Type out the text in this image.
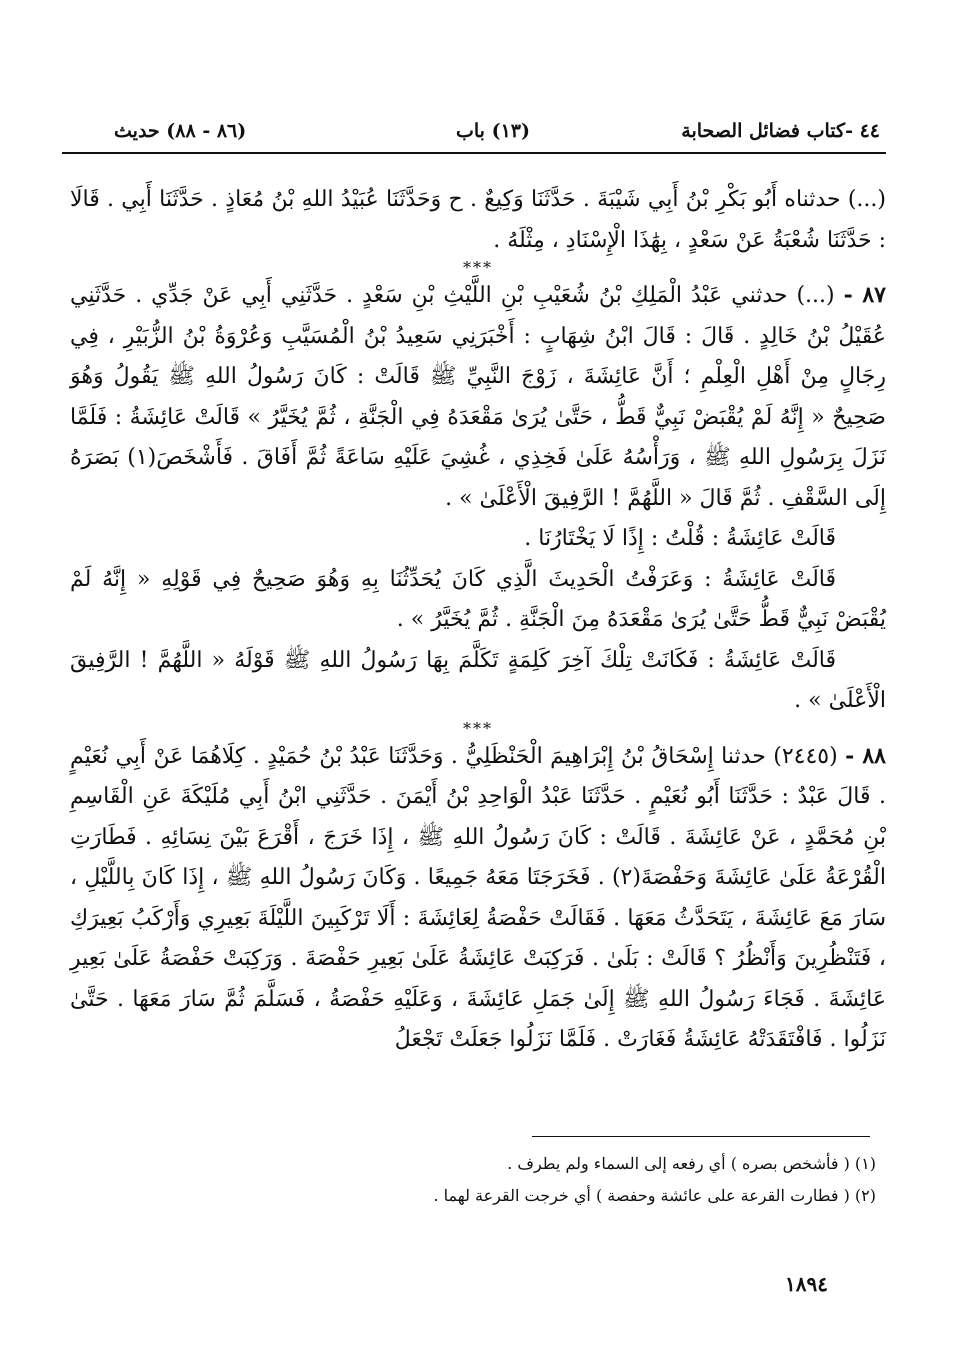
٤٤ -كتاب فضائل الصحابة
(١٣) باب
(٨٦ - ٨٨) حديث

(...) حدثناه أَبُو بَكْرِ بْنُ أَبِي شَيْبَةَ . حَدَّثَنَا وَكِيعٌ . ح وَحَدَّثَنَا عُبَيْدُ اللهِ بْنُ مُعَاذٍ . حَدَّثَنَا أَبِي . قَالَا : حَدَّثَنَا شُعْبَةُ عَنْ سَعْدٍ ، بِهَٰذَا الْإِسْنَادِ ، مِثْلَهُ .

***

٨٧ - (...) حدثني عَبْدُ الْمَلِكِ بْنُ شُعَيْبِ بْنِ اللَّيْثِ بْنِ سَعْدٍ . حَدَّثَنِي أَبِي عَنْ جَدِّي . حَدَّثَنِي عُقَيْلُ بْنُ خَالِدٍ . قَالَ : قَالَ ابْنُ شِهَابٍ : أَخْبَرَنِي سَعِيدُ بْنُ الْمُسَيَّبِ وَعُرْوَةُ بْنُ الزُّبَيْرِ ، فِي رِجَالٍ مِنْ أَهْلِ الْعِلْمِ ؛ أَنَّ عَائِشَةَ ، زَوْجَ النَّبِيِّ ﷺ قَالَتْ : كَانَ رَسُولُ اللهِ ﷺ يَقُولُ وَهُوَ صَحِيحٌ « إِنَّهُ لَمْ يُقْبَضْ نَبِيٌّ قَطُّ ، حَتَّىٰ يُرَىٰ مَقْعَدَهُ فِي الْجَنَّةِ ، ثُمَّ يُخَيَّرُ » قَالَتْ عَائِشَةُ : فَلَمَّا نَزَلَ بِرَسُولِ اللهِ ﷺ ، وَرَأْسُهُ عَلَىٰ فَخِذِي ، غُشِيَ عَلَيْهِ سَاعَةً ثُمَّ أَفَاقَ . فَأَشْخَصَ(١) بَصَرَهُ إِلَى السَّقْفِ . ثُمَّ قَالَ « اللَّهُمَّ ! الرَّفِيقَ الْأَعْلَىٰ » .

قَالَتْ عَائِشَةُ : قُلْتُ : إِذًا لَا يَخْتَارُنَا .

قَالَتْ عَائِشَةُ : وَعَرَفْتُ الْحَدِيثَ الَّذِي كَانَ يُحَدِّثُنَا بِهِ وَهُوَ صَحِيحٌ فِي قَوْلِهِ « إِنَّهُ لَمْ يُقْبَضْ نَبِيٌّ قَطُّ حَتَّىٰ يُرَىٰ مَقْعَدَهُ مِنَ الْجَنَّةِ . ثُمَّ يُخَيَّرُ » .

قَالَتْ عَائِشَةُ : فَكَانَتْ تِلْكَ آخِرَ كَلِمَةٍ تَكَلَّمَ بِهَا رَسُولُ اللهِ ﷺ قَوْلَهُ « اللَّهُمَّ ! الرَّفِيقَ الْأَعْلَىٰ » .

***

٨٨ - (٢٤٤٥) حدثنا إِسْحَاقُ بْنُ إِبْرَاهِيمَ الْحَنْظَلِيُّ . وَحَدَّثَنَا عَبْدُ بْنُ حُمَيْدٍ . كِلَاهُمَا عَنْ أَبِي نُعَيْمٍ . قَالَ عَبْدٌ : حَدَّثَنَا أَبُو نُعَيْمٍ . حَدَّثَنَا عَبْدُ الْوَاحِدِ بْنُ أَيْمَنَ . حَدَّثَنِي ابْنُ أَبِي مُلَيْكَةَ عَنِ الْقَاسِمِ بْنِ مُحَمَّدٍ ، عَنْ عَائِشَةَ . قَالَتْ : كَانَ رَسُولُ اللهِ ﷺ ، إِذَا خَرَجَ ، أَقْرَعَ بَيْنَ نِسَائِهِ . فَطَارَتِ الْقُرْعَةُ عَلَىٰ عَائِشَةَ وَحَفْصَةَ(٢) . فَخَرَجَتَا مَعَهُ جَمِيعًا . وَكَانَ رَسُولُ اللهِ ﷺ ، إِذَا كَانَ بِاللَّيْلِ ، سَارَ مَعَ عَائِشَةَ ، يَتَحَدَّثُ مَعَهَا . فَقَالَتْ حَفْصَةُ لِعَائِشَةَ : أَلَا تَرْكَبِينَ اللَّيْلَةَ بَعِيرِي وَأَرْكَبُ بَعِيرَكِ ، فَتَنْظُرِينَ وَأَنْظُرُ ؟ قَالَتْ : بَلَىٰ . فَرَكِبَتْ عَائِشَةُ عَلَىٰ بَعِيرِ حَفْصَةَ . وَرَكِبَتْ حَفْصَةُ عَلَىٰ بَعِيرِ عَائِشَةَ . فَجَاءَ رَسُولُ اللهِ ﷺ إِلَىٰ جَمَلِ عَائِشَةَ ، وَعَلَيْهِ حَفْصَةُ ، فَسَلَّمَ ثُمَّ سَارَ مَعَهَا . حَتَّىٰ نَزَلُوا . فَافْتَقَدَتْهُ عَائِشَةُ فَغَارَتْ . فَلَمَّا نَزَلُوا جَعَلَتْ تَجْعَلُ

(١) ( فأشخص بصره ) أي رفعه إلى السماء ولم يطرف .

(٢) ( فطارت القرعة على عائشة وحفصة ) أي خرجت القرعة لهما .

١٨٩٤
